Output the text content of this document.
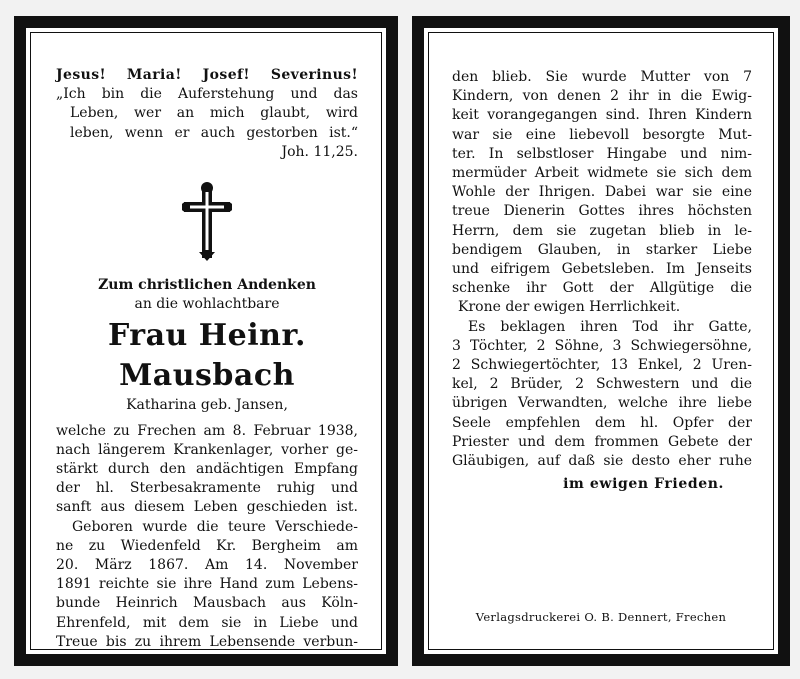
Jesus! Maria! Josef! Severinus!
„Ich bin die Auferstehung und das
Leben, wer an mich glaubt, wird
leben, wenn er auch gestorben ist.“
Joh. 11,25.
Zum christlichen Andenken
an die wohlachtbare
Frau Heinr. Mausbach
Katharina geb. Jansen,
welche zu Frechen am 8. Februar 1938,
nach längerem Krankenlager, vorher ge-
stärkt durch den andächtigen Empfang
der hl. Sterbesakramente ruhig und
sanft aus diesem Leben geschieden ist.
Geboren wurde die teure Verschiede-
ne zu Wiedenfeld Kr. Bergheim am
20. März 1867. Am 14. November
1891 reichte sie ihre Hand zum Lebens-
bunde Heinrich Mausbach aus Köln-
Ehrenfeld, mit dem sie in Liebe und
Treue bis zu ihrem Lebensende verbun-
den blieb. Sie wurde Mutter von 7
Kindern, von denen 2 ihr in die Ewig-
keit vorangegangen sind. Ihren Kindern
war sie eine liebevoll besorgte Mut-
ter. In selbstloser Hingabe und nim-
mermüder Arbeit widmete sie sich dem
Wohle der Ihrigen. Dabei war sie eine
treue Dienerin Gottes ihres höchsten
Herrn, dem sie zugetan blieb in le-
bendigem Glauben, in starker Liebe
und eifrigem Gebetsleben. Im Jenseits
schenke ihr Gott der Allgütige die
Krone der ewigen Herrlichkeit.
Es beklagen ihren Tod ihr Gatte,
3 Töchter, 2 Söhne, 3 Schwiegersöhne,
2 Schwiegertöchter, 13 Enkel, 2 Uren-
kel, 2 Brüder, 2 Schwestern und die
übrigen Verwandten, welche ihre liebe
Seele empfehlen dem hl. Opfer der
Priester und dem frommen Gebete der
Gläubigen, auf daß sie desto eher ruhe
im ewigen Frieden.
Verlagsdruckerei O. B. Dennert, Frechen
